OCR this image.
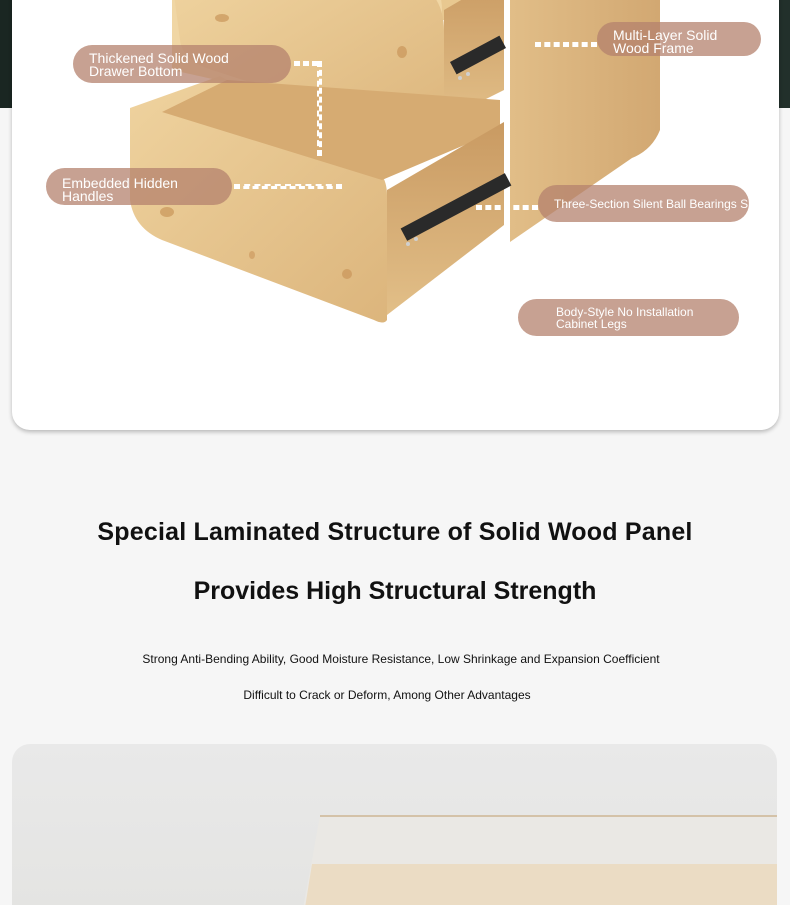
Thickened Solid Wood Drawer Bottom
Multi-Layer Solid Wood Frame
Embedded Hidden Handles	Three-Section Silent Ball Bearings Slides
Body-Style No Installation Cabinet Legs
Special Laminated Structure of Solid Wood Panel
Provides High Structural Strength
Strong Anti-Bending Ability, Good Moisture Resistance, Low Shrinkage and Expansion Coefficient
Difficult to Crack or Deform, Among Other Advantages
